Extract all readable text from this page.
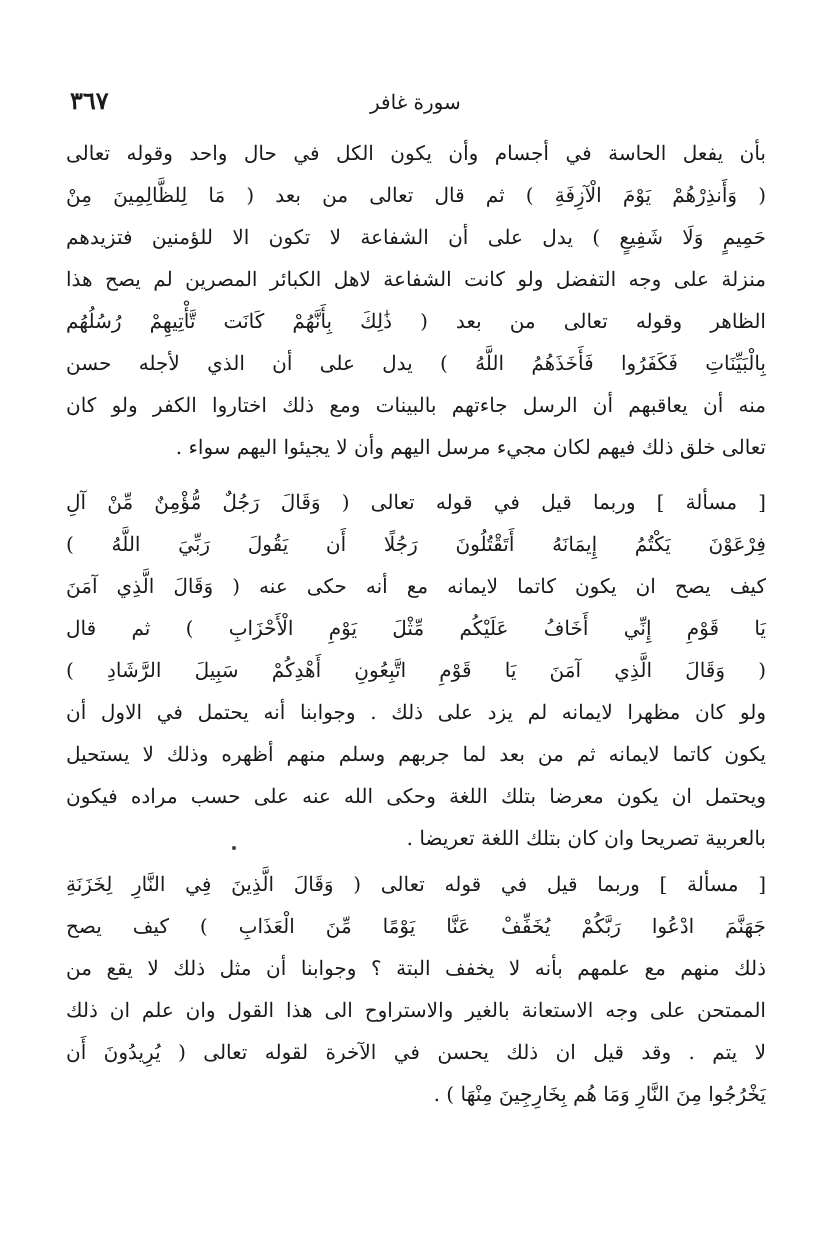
٣٦٧	سورة غافر
بأن يفعل الحاسة في أجسام وأن يكون الكل في حال واحد وقوله تعالى
( وَأَنذِرْهُمْ يَوْمَ الْآزِفَةِ ) ثم قال تعالى من بعد ( مَا لِلظَّالِمِينَ مِنْ
حَمِيمٍ وَلَا شَفِيعٍ ) يدل على أن الشفاعة لا تكون الا للؤمنين فتزيدهم
منزلة على وجه التفضل ولو كانت الشفاعة لاهل الكبائر المصرين لم يصح هذا
الظاهر وقوله تعالى من بعد ( ذَٰلِكَ بِأَنَّهُمْ كَانَت تَّأْتِيهِمْ رُسُلُهُم
بِالْبَيِّنَاتِ فَكَفَرُوا فَأَخَذَهُمُ اللَّهُ ) يدل على أن الذي لأجله حسن
منه أن يعاقبهم أن الرسل جاءتهم بالبينات ومع ذلك اختاروا الكفر ولو كان
تعالى خلق ذلك فيهم لكان مجيء مرسل اليهم وأن لا يجيئوا اليهم سواء .
[ مسألة ] وربما قيل في قوله تعالى ( وَقَالَ رَجُلٌ مُّؤْمِنٌ مِّنْ آلِ
فِرْعَوْنَ يَكْتُمُ إِيمَانَهُ أَتَقْتُلُونَ رَجُلًا أَن يَقُولَ رَبِّيَ اللَّهُ )
كيف يصح ان يكون كاتما لايمانه مع أنه حكى عنه ( وَقَالَ الَّذِي آمَنَ
يَا قَوْمِ إِنِّي أَخَافُ عَلَيْكُم مِّثْلَ يَوْمِ الْأَحْزَابِ ) ثم قال
( وَقَالَ الَّذِي آمَنَ يَا قَوْمِ اتَّبِعُونِ أَهْدِكُمْ سَبِيلَ الرَّشَادِ )
ولو كان مظهرا لايمانه لم يزد على ذلك . وجوابنا أنه يحتمل في الاول أن
يكون كاتما لايمانه ثم من بعد لما جربهم وسلم منهم أظهره وذلك لا يستحيل
ويحتمل ان يكون معرضا بتلك اللغة وحكى الله عنه على حسب مراده فيكون
بالعربية تصريحا وان كان بتلك اللغة تعريضا .
[ مسألة ] وربما قيل في قوله تعالى ( وَقَالَ الَّذِينَ فِي النَّارِ لِخَزَنَةِ
جَهَنَّمَ ادْعُوا رَبَّكُمْ يُخَفِّفْ عَنَّا يَوْمًا مِّنَ الْعَذَابِ ) كيف يصح
ذلك منهم مع علمهم بأنه لا يخفف البتة ؟ وجوابنا أن مثل ذلك لا يقع من
الممتحن على وجه الاستعانة بالغير والاستراوح الى هذا القول وان علم ان ذلك
لا يتم . وقد قيل ان ذلك يحسن في الآخرة لقوله تعالى ( يُرِيدُونَ أَن
يَخْرُجُوا مِنَ النَّارِ وَمَا هُم بِخَارِجِينَ مِنْهَا ) .
